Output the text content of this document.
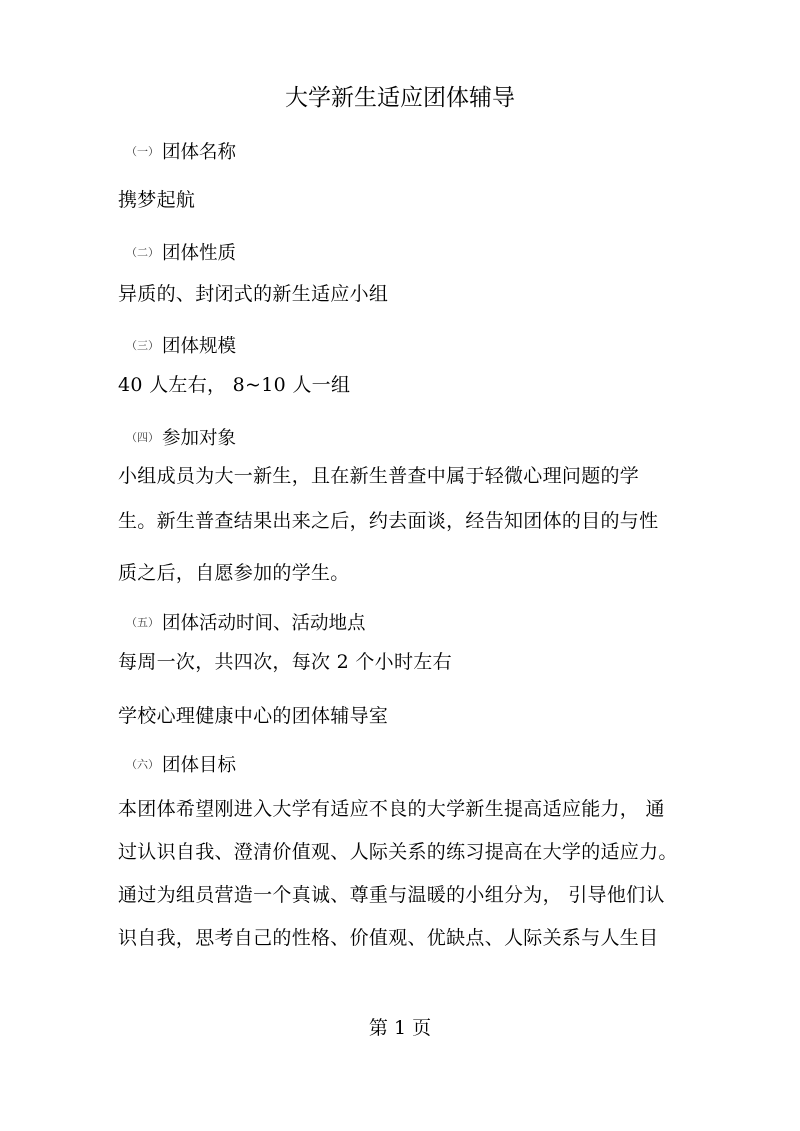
大学新生适应团体辅导
（一） 团体名称
携梦起航
（二） 团体性质
异质的、封闭式的新生适应小组
（三） 团体规模
40 人左右， 8~10 人一组
（四） 参加对象
小组成员为大一新生，且在新生普查中属于轻微心理问题的学
生。新生普查结果出来之后，约去面谈，经告知团体的目的与性
质之后，自愿参加的学生。
（五） 团体活动时间、活动地点
每周一次，共四次，每次 2 个小时左右
学校心理健康中心的团体辅导室
（六） 团体目标
本团体希望刚进入大学有适应不良的大学新生提高适应能力， 通
过认识自我、澄清价值观、人际关系的练习提高在大学的适应力。
通过为组员营造一个真诚、尊重与温暖的小组分为， 引导他们认
识自我，思考自己的性格、价值观、优缺点、人际关系与人生目
第 1 页
